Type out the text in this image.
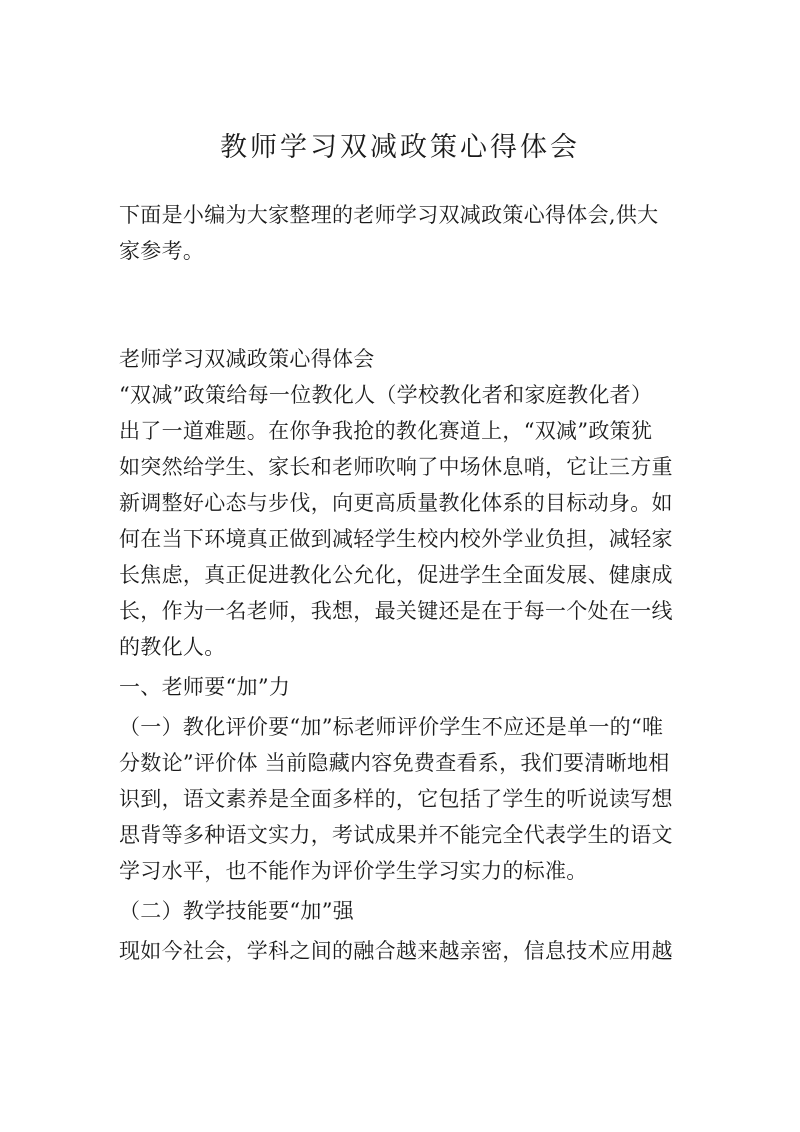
教师学习双减政策心得体会

下面是小编为大家整理的老师学习双减政策心得体会,供大
家参考。

老师学习双减政策心得体会

“双减”政策给每一位教化人（学校教化者和家庭教化者）
出了一道难题。在你争我抢的教化赛道上，“双减”政策犹
如突然给学生、家长和老师吹响了中场休息哨，它让三方重
新调整好心态与步伐，向更高质量教化体系的目标动身。如
何在当下环境真正做到减轻学生校内校外学业负担，减轻家
长焦虑，真正促进教化公允化，促进学生全面发展、健康成
长，作为一名老师，我想，最关键还是在于每一个处在一线
的教化人。

一、老师要“加”力

（一）教化评价要“加”标老师评价学生不应还是单一的“唯
分数论”评价体 当前隐藏内容免费查看系，我们要清晰地相
识到，语文素养是全面多样的，它包括了学生的听说读写想
思背等多种语文实力，考试成果并不能完全代表学生的语文
学习水平，也不能作为评价学生学习实力的标准。

（二）教学技能要“加”强

现如今社会，学科之间的融合越来越亲密，信息技术应用越
